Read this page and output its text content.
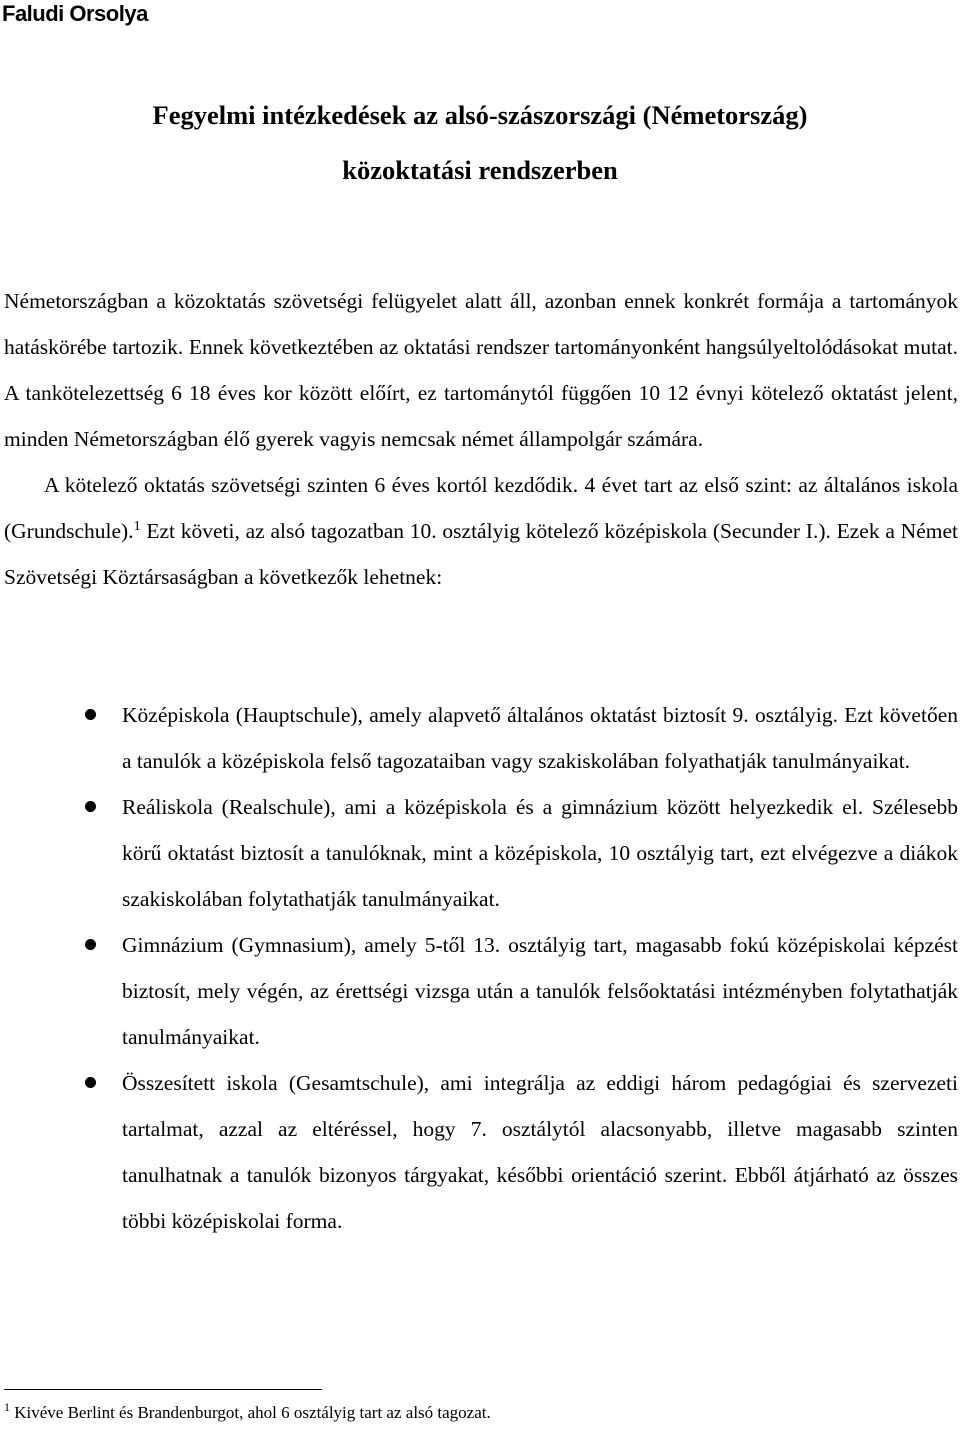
Faludi Orsolya
Fegyelmi intézkedések az alsó-szászországi (Németország)
közoktatási rendszerben

Németországban a közoktatás szövetségi felügyelet alatt áll, azonban ennek konkrét formája a tartományok hatáskörébe tartozik. Ennek következtében az oktatási rendszer tartományonként hangsúlyeltolódásokat mutat. A tankötelezettség 6 18 éves kor között előírt, ez tartománytól függően 10 12 évnyi kötelező oktatást jelent, minden Németországban élő gyerek vagyis nemcsak német állampolgár számára.

A kötelező oktatás szövetségi szinten 6 éves kortól kezdődik. 4 évet tart az első szint: az általános iskola (Grundschule).$^1$ Ezt követi, az alsó tagozatban 10. osztályig kötelező középiskola (Secunder I.). Ezek a Német Szövetségi Köztársaságban a következők lehetnek:

Középiskola (Hauptschule), amely alapvető általános oktatást biztosít 9. osztályig. Ezt követően a tanulók a középiskola felső tagozataiban vagy szakiskolában folyathatják tanulmányaikat.
Reáliskola (Realschule), ami a középiskola és a gimnázium között helyezkedik el. Szélesebb körű oktatást biztosít a tanulóknak, mint a középiskola, 10 osztályig tart, ezt elvégezve a diákok szakiskolában folytathatják tanulmányaikat.
Gimnázium (Gymnasium), amely 5-től 13. osztályig tart, magasabb fokú középiskolai képzést biztosít, mely végén, az érettségi vizsga után a tanulók felsőoktatási intézményben folytathatják tanulmányaikat.
Összesített iskola (Gesamtschule), ami integrálja az eddigi három pedagógiai és szervezeti tartalmat, azzal az eltéréssel, hogy 7. osztálytól alacsonyabb, illetve magasabb szinten tanulhatnak a tanulók bizonyos tárgyakat, későbbi orientáció szerint. Ebből átjárható az összes többi középiskolai forma.
$^1$ Kivéve Berlint és Brandenburgot, ahol 6 osztályig tart az alsó tagozat.
